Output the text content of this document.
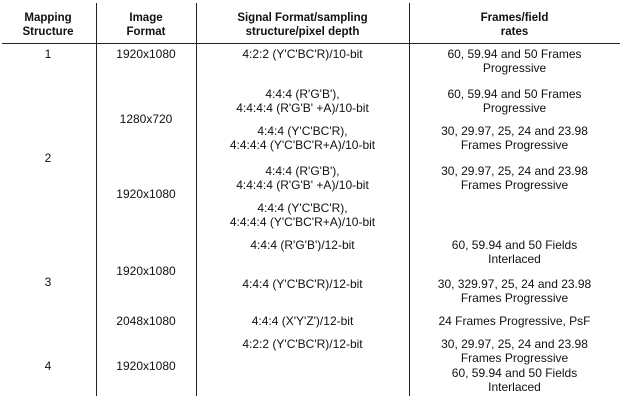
Mapping
Structure
Image
Format
Signal Format/sampling
structure/pixel depth
Frames/field
rates
1
2
3
4
1920x1080
1280x720
1920x1080
1920x1080
2048x1080
1920x1080
4:2:2 (Y'C'BC'R)/10-bit
4:4:4 (R'G'B'),
4:4:4:4 (R'G'B' +A)/10-bit
4:4:4 (Y'C'BC'R),
4:4:4:4 (Y'C'BC'R+A)/10-bit
4:4:4 (R'G'B'),
4:4:4:4 (R'G'B' +A)/10-bit
4:4:4 (Y'C'BC'R),
4:4:4:4 (Y'C'BC'R+A)/10-bit
4:4:4 (R'G'B')/12-bit
4:4:4 (Y'C'BC'R)/12-bit
4:4:4 (X'Y'Z')/12-bit
4:2:2 (Y'C'BC'R)/12-bit
60, 59.94 and 50 Frames
Progressive
60, 59.94 and 50 Frames
Progressive
30, 29.97, 25, 24 and 23.98
Frames Progressive
30, 29.97, 25, 24 and 23.98
Frames Progressive
60, 59.94 and 50 Fields
Interlaced
30, 329.97, 25, 24 and 23.98
Frames Progressive
24 Frames Progressive, PsF
30, 29.97, 25, 24 and 23.98
Frames Progressive
60, 59.94 and 50 Fields
Interlaced
